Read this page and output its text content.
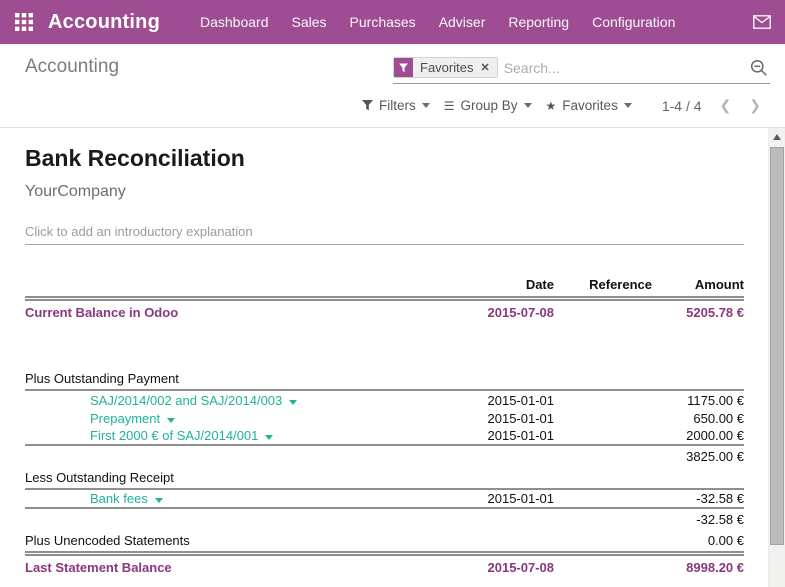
Accounting	Dashboard Sales Purchases Adviser Reporting Configuration
Accounting	Favorites ✕
Search...
Filters ☰ Group By ★ Favorites	1-4 / 4 ❮ ❯
Bank Reconciliation
YourCompany
Click to add an introductory explanation
Date	Reference	Amount
Current Balance in Odoo	2015-07-08	5205.78 €
Plus Outstanding Payment
SAJ/2014/002 and SAJ/2014/003	2015-01-01	1175.00 €
Prepayment	2015-01-01	650.00 €
First 2000 € of SAJ/2014/001	2015-01-01	2000.00 €
3825.00 €
Less Outstanding Receipt
Bank fees	2015-01-01	-32.58 €
-32.58 €
Plus Unencoded Statements	0.00 €
Last Statement Balance	2015-07-08	8998.20 €
